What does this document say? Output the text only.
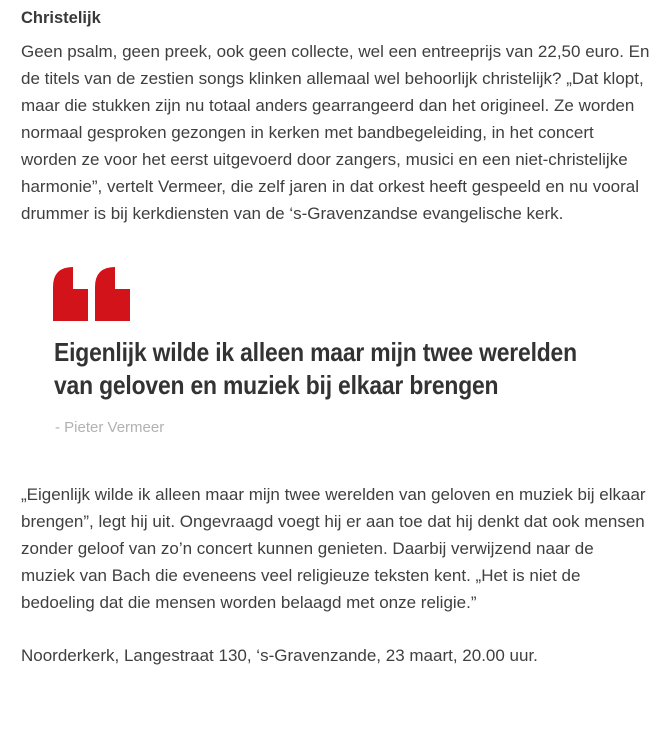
Christelijk

Geen psalm, geen preek, ook geen collecte, wel een entreeprijs van 22,50 euro. En de titels van de zestien songs klinken allemaal wel behoorlijk christelijk? „Dat klopt, maar die stukken zijn nu totaal anders gearrangeerd dan het origineel. Ze worden normaal gesproken gezongen in kerken met bandbegeleiding, in het concert worden ze voor het eerst uitgevoerd door zangers, musici en een niet-christelijke harmonie”, vertelt Vermeer, die zelf jaren in dat orkest heeft gespeeld en nu vooral drummer is bij kerkdiensten van de ‘s-Gravenzandse evangelische kerk.

Eigenlijk wilde ik alleen maar mijn twee werelden van geloven en muziek bij elkaar brengen
- Pieter Vermeer

„Eigenlijk wilde ik alleen maar mijn twee werelden van geloven en muziek bij elkaar brengen”, legt hij uit. Ongevraagd voegt hij er aan toe dat hij denkt dat ook mensen zonder geloof van zo’n concert kunnen genieten. Daarbij verwijzend naar de muziek van Bach die eveneens veel religieuze teksten kent. „Het is niet de bedoeling dat die mensen worden belaagd met onze religie.”

Noorderkerk, Langestraat 130, ‘s-Gravenzande, 23 maart, 20.00 uur.
